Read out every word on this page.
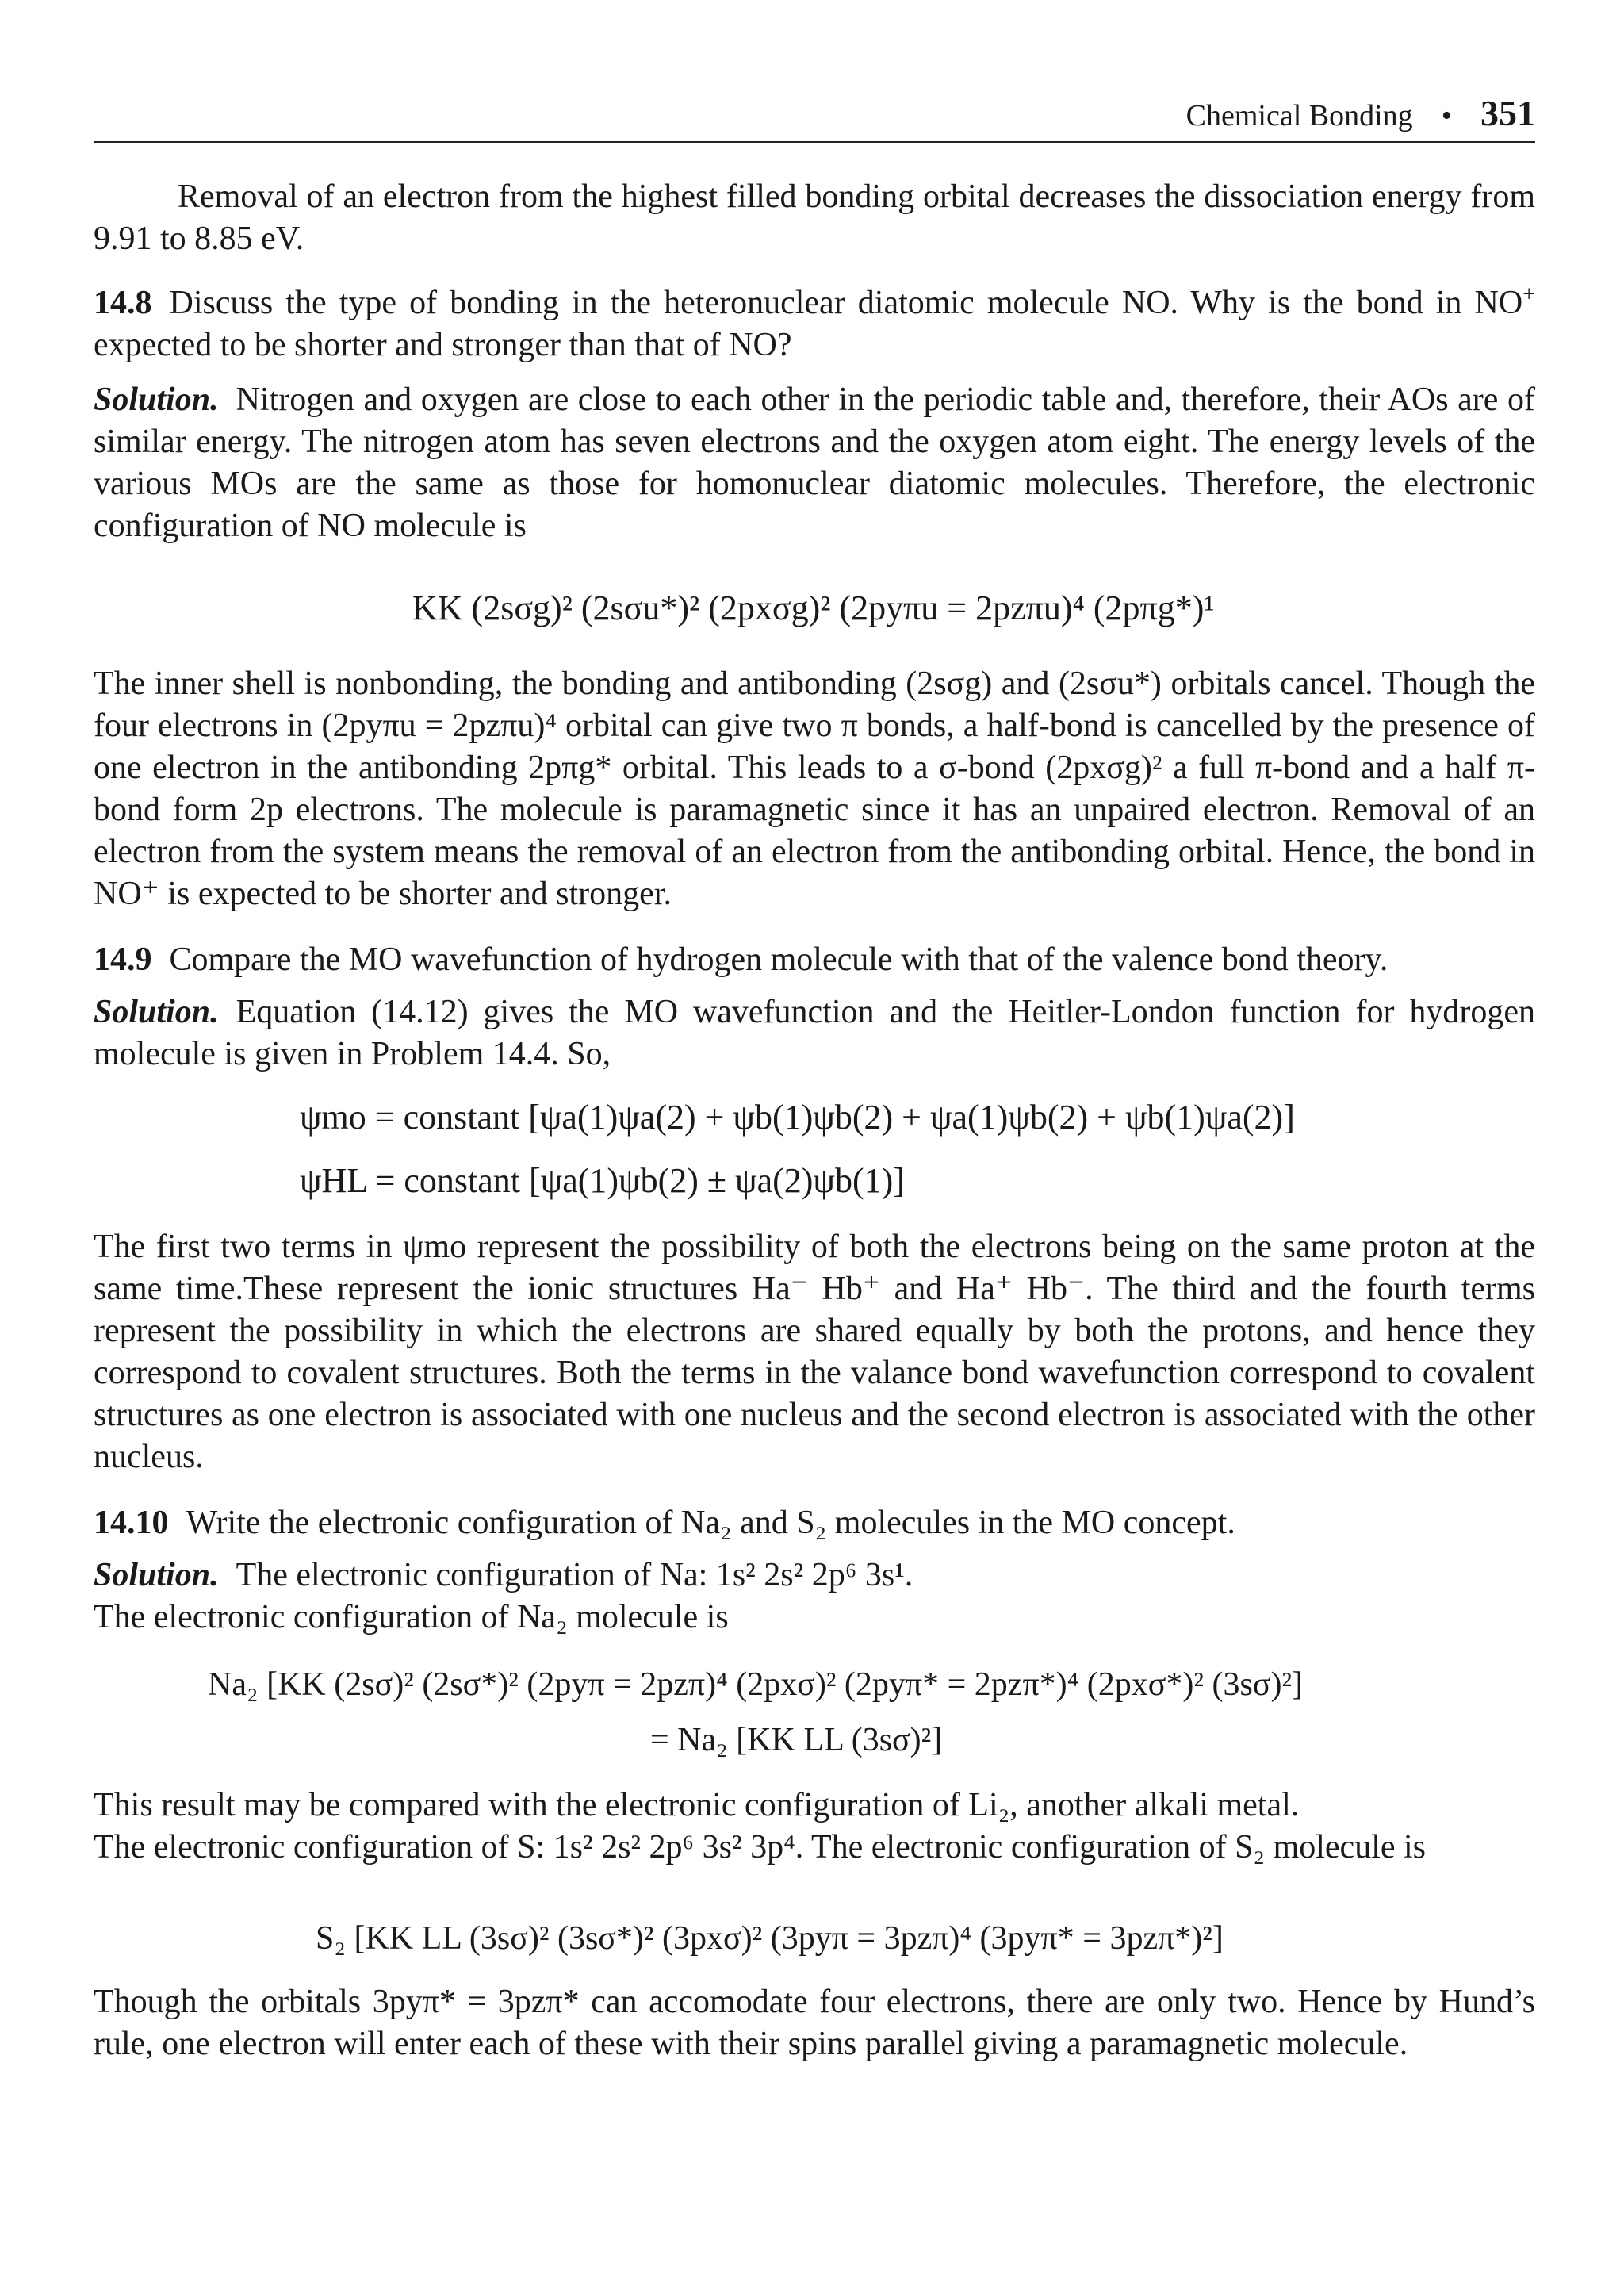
Chemical Bonding • 351

Removal of an electron from the highest filled bonding orbital decreases the dissociation energy from 9.91 to 8.85 eV.

14.8 Discuss the type of bonding in the heteronuclear diatomic molecule NO. Why is the bond in NO+ expected to be shorter and stronger than that of NO?

Solution. Nitrogen and oxygen are close to each other in the periodic table and, therefore, their AOs are of similar energy. The nitrogen atom has seven electrons and the oxygen atom eight. The energy levels of the various MOs are the same as those for homonuclear diatomic molecules. Therefore, the electronic configuration of NO molecule is

KK (2sσg)² (2sσu*)² (2pxσg)² (2pyπu = 2pzπu)⁴ (2pπg*)¹

The inner shell is nonbonding, the bonding and antibonding (2sσg) and (2sσu*) orbitals cancel. Though the four electrons in (2pyπu = 2pzπu)⁴ orbital can give two π bonds, a half-bond is cancelled by the presence of one electron in the antibonding 2pπg* orbital. This leads to a σ-bond (2pxσg)² a full π-bond and a half π-bond form 2p electrons. The molecule is paramagnetic since it has an unpaired electron. Removal of an electron from the system means the removal of an electron from the antibonding orbital. Hence, the bond in NO⁺ is expected to be shorter and stronger.

14.9 Compare the MO wavefunction of hydrogen molecule with that of the valence bond theory.

Solution. Equation (14.12) gives the MO wavefunction and the Heitler-London function for hydrogen molecule is given in Problem 14.4. So,

ψmo = constant [ψa(1)ψa(2) + ψb(1)ψb(2) + ψa(1)ψb(2) + ψb(1)ψa(2)]
ψHL = constant [ψa(1)ψb(2) ± ψa(2)ψb(1)]

The first two terms in ψmo represent the possibility of both the electrons being on the same proton at the same time.These represent the ionic structures Ha⁻ Hb⁺ and Ha⁺ Hb⁻. The third and the fourth terms represent the possibility in which the electrons are shared equally by both the protons, and hence they correspond to covalent structures. Both the terms in the valance bond wavefunction correspond to covalent structures as one electron is associated with one nucleus and the second electron is associated with the other nucleus.

14.10 Write the electronic configuration of Na₂ and S₂ molecules in the MO concept.

Solution. The electronic configuration of Na: 1s² 2s² 2p⁶ 3s¹.

The electronic configuration of Na₂ molecule is

Na₂ [KK (2sσ)² (2sσ*)² (2pyπ = 2pzπ)⁴ (2pxσ)² (2pyπ* = 2pzπ*)⁴ (2pxσ*)² (3sσ)²]
= Na₂ [KK LL (3sσ)²]

This result may be compared with the electronic configuration of Li₂, another alkali metal.

The electronic configuration of S: 1s² 2s² 2p⁶ 3s² 3p⁴. The electronic configuration of S₂ molecule is

S₂ [KK LL (3sσ)² (3sσ*)² (3pxσ)² (3pyπ = 3pzπ)⁴ (3pyπ* = 3pzπ*)²]

Though the orbitals 3pyπ* = 3pzπ* can accomodate four electrons, there are only two. Hence by Hund’s rule, one electron will enter each of these with their spins parallel giving a paramagnetic molecule.
